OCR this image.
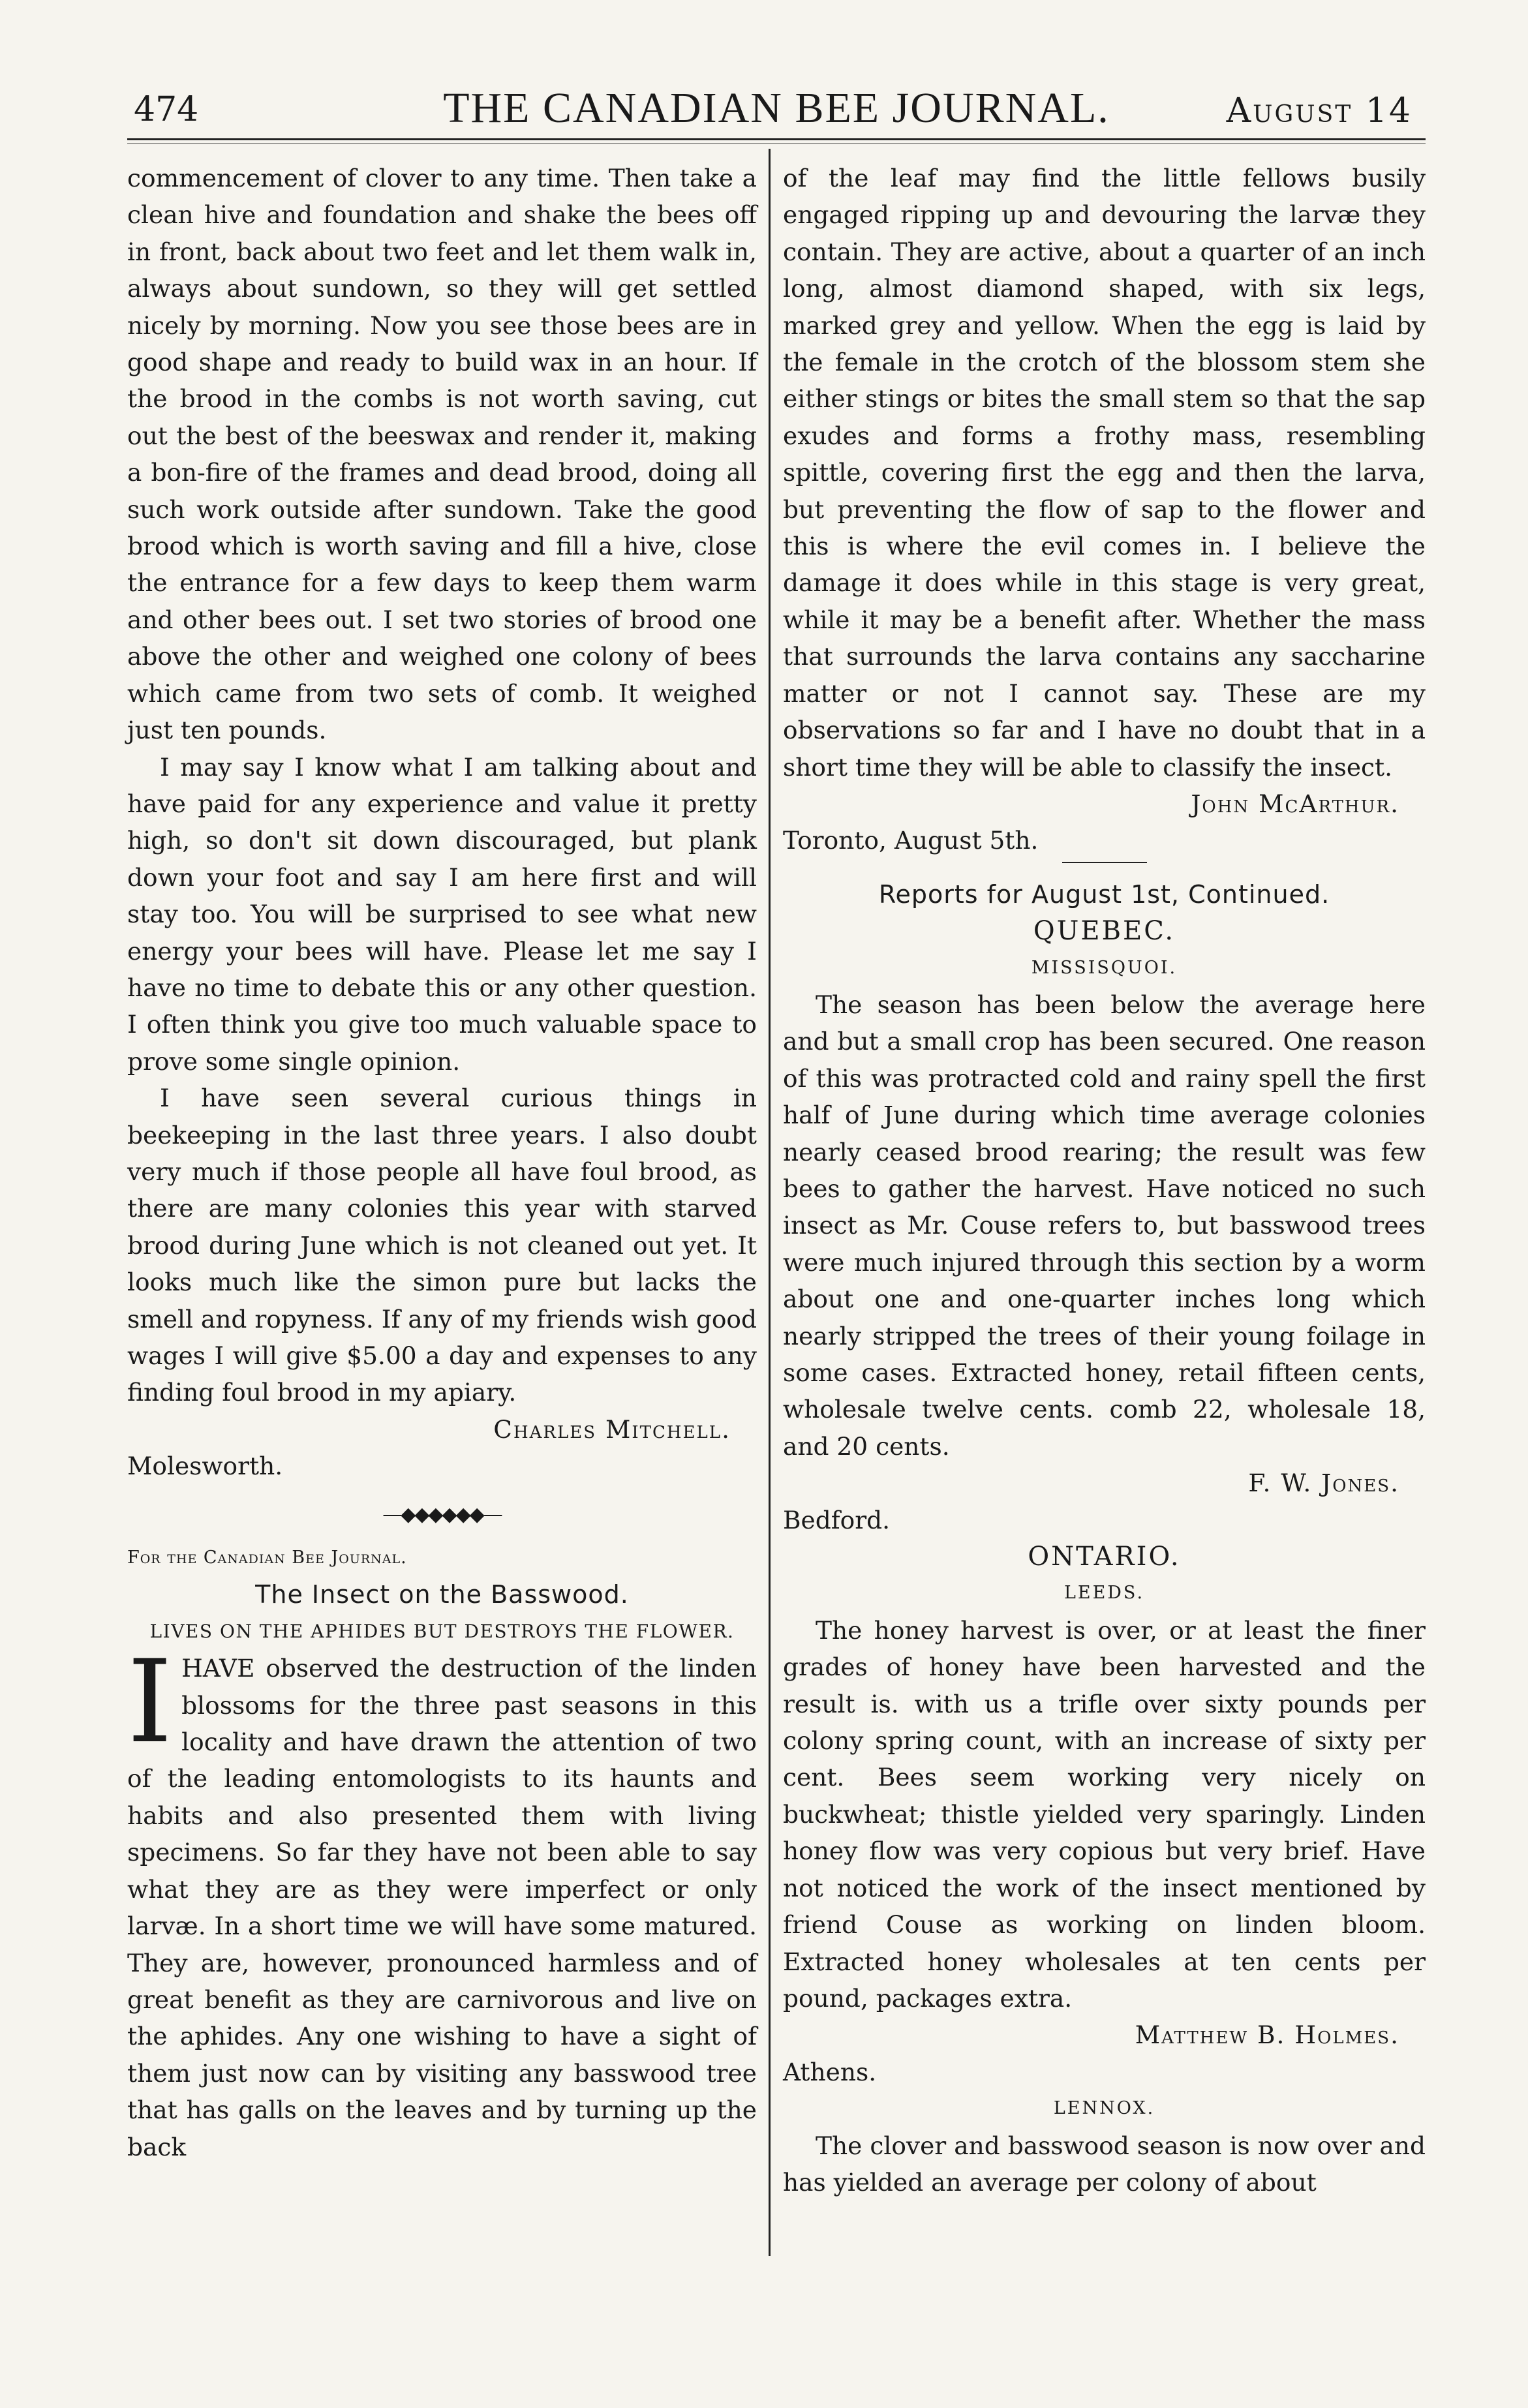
474	THE CANADIAN BEE JOURNAL.	August 14

commencement of clover to any time. Then take a clean hive and foundation and shake the bees off in front, back about two feet and let them walk in, always about sundown, so they will get settled nicely by morning. Now you see those bees are in good shape and ready to build wax in an hour. If the brood in the combs is not worth saving, cut out the best of the beeswax and render it, making a bon-fire of the frames and dead brood, doing all such work outside after sundown. Take the good brood which is worth saving and fill a hive, close the entrance for a few days to keep them warm and other bees out. I set two stories of brood one above the other and weighed one colony of bees which came from two sets of comb. It weighed just ten pounds.

I may say I know what I am talking about and have paid for any experience and value it pretty high, so don't sit down discouraged, but plank down your foot and say I am here first and will stay too. You will be surprised to see what new energy your bees will have. Please let me say I have no time to debate this or any other question. I often think you give too much valuable space to prove some single opinion.

I have seen several curious things in beekeeping in the last three years. I also doubt very much if those people all have foul brood, as there are many colonies this year with starved brood during June which is not cleaned out yet. It looks much like the simon pure but lacks the smell and ropyness. If any of my friends wish good wages I will give $5.00 a day and expenses to any finding foul brood in my apiary.

Charles Mitchell.

Molesworth.

—◆◆◆◆◆◆—

For the Canadian Bee Journal.

The Insect on the Basswood.

LIVES ON THE APHIDES BUT DESTROYS THE FLOWER.

IHAVE observed the destruction of the linden blossoms for the three past seasons in this locality and have drawn the attention of two of the leading entomologists to its haunts and habits and also presented them with living specimens. So far they have not been able to say what they are as they were imperfect or only larvæ. In a short time we will have some matured. They are, however, pronounced harmless and of great benefit as they are carnivorous and live on the aphides. Any one wishing to have a sight of them just now can by visiting any basswood tree that has galls on the leaves and by turning up the back

of the leaf may find the little fellows busily engaged ripping up and devouring the larvæ they contain. They are active, about a quarter of an inch long, almost diamond shaped, with six legs, marked grey and yellow. When the egg is laid by the female in the crotch of the blossom stem she either stings or bites the small stem so that the sap exudes and forms a frothy mass, resembling spittle, covering first the egg and then the larva, but preventing the flow of sap to the flower and this is where the evil comes in. I believe the damage it does while in this stage is very great, while it may be a benefit after. Whether the mass that surrounds the larva contains any saccharine matter or not I cannot say. These are my observations so far and I have no doubt that in a short time they will be able to classify the insect.

John McArthur.

Toronto, August 5th.

Reports for August 1st, Continued.

QUEBEC.

MISSISQUOI.

The season has been below the average here and but a small crop has been secured. One reason of this was protracted cold and rainy spell the first half of June during which time average colonies nearly ceased brood rearing; the result was few bees to gather the harvest. Have noticed no such insect as Mr. Couse refers to, but basswood trees were much injured through this section by a worm about one and one-quarter inches long which nearly stripped the trees of their young foilage in some cases. Extracted honey, retail fifteen cents, wholesale twelve cents. comb 22, wholesale 18, and 20 cents.

F. W. Jones.

Bedford.

ONTARIO.

LEEDS.

The honey harvest is over, or at least the finer grades of honey have been harvested and the result is. with us a trifle over sixty pounds per colony spring count, with an increase of sixty per cent. Bees seem working very nicely on buckwheat; thistle yielded very sparingly. Linden honey flow was very copious but very brief. Have not noticed the work of the insect mentioned by friend Couse as working on linden bloom. Extracted honey wholesales at ten cents per pound, packages extra.

Matthew B. Holmes.

Athens.

LENNOX.

The clover and basswood season is now over and has yielded an average per colony of about
